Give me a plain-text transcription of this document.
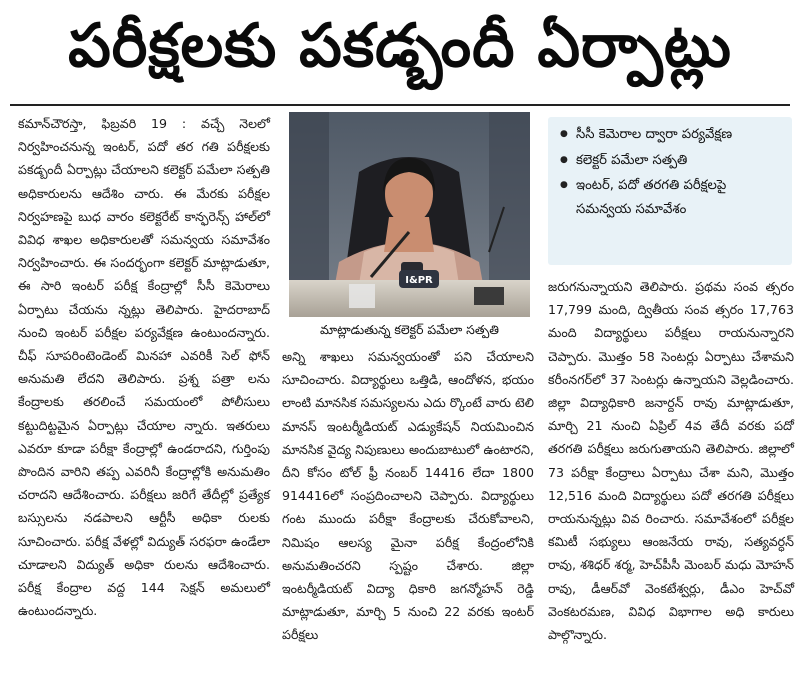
పరీక్షలకు పకడ్బందీ ఏర్పాట్లు

కమాన్‌చౌరస్తా, ఫిబ్రవరి 19 : వచ్చే నెలలో నిర్వహించనున్న ఇంటర్‌, పదో తర గతి పరీక్షలకు పకడ్బందీ ఏర్పాట్లు చేయాలని కలెక్టర్‌ పమేలా సత్పతి అధికారులను ఆదేశిం చారు. ఈ మేరకు పరీక్షల నిర్వహణపై బుధ వారం కలెక్టరేట్‌ కాన్ఫరెన్స్‌ హాల్‌లో వివిధ శాఖల అధికారులతో సమన్వయ సమావేశం నిర్వహించారు. ఈ సందర్భంగా కలెక్టర్‌ మాట్లాడుతూ, ఈ సారి ఇంటర్‌ పరీక్ష కేంద్రాల్లో సీసీ కెమెరాలు ఏర్పాటు చేయను న్నట్లు తెలిపారు. హైదరాబాద్‌ నుంచి ఇంటర్‌ పరీక్షల పర్యవేక్షణ ఉంటుందన్నారు. చీఫ్‌ సూపరింటెండెంట్‌ మినహా ఎవరికీ సెల్‌ ఫోన్‌ అనుమతి లేదని తెలిపారు. ప్రశ్న పత్రా లను కేంద్రాలకు తరలించే సమయంలో పోలీసులు కట్టుదిట్టమైన ఏర్పాట్లు చేయాల న్నారు. ఇతరులు ఎవరూ కూడా పరీక్షా కేంద్రాల్లో ఉండరాదని, గుర్తింపు పొందిన వారిని తప్ప ఎవరినీ కేంద్రాల్లోకి అనుమతిం చరాదని ఆదేశించారు. పరీక్షలు జరిగే తేదీల్లో ప్రత్యేక బస్సులను నడపాలని ఆర్టీసీ అధికా రులకు సూచించారు. పరీక్ష వేళల్లో విద్యుత్‌ సరఫరా ఉండేలా చూడాలని విద్యుత్‌ అధికా రులను ఆదేశించారు. పరీక్ష కేంద్రాల వద్ద 144 సెక్షన్‌ అమలులో ఉంటుందన్నారు.

I&PR
మాట్లాడుతున్న కలెక్టర్‌ పమేలా సత్పతి
● సీసీ కెమెరాల ద్వారా పర్యవేక్షణ
● కలెక్టర్‌ పమేలా సత్పతి
● ఇంటర్‌, పదో తరగతి పరీక్షలపై సమన్వయ సమావేశం

అన్ని శాఖలు సమన్వయంతో పని చేయాలని సూచించారు. విద్యార్థులు ఒత్తిడి, ఆందోళన, భయం లాంటి మానసిక సమస్యలను ఎదు ర్కొంటే వారు టెలి మానస్‌ ఇంటర్మీడియట్‌ ఎడ్యుకేషన్‌ నియమించిన మానసిక వైద్య నిపుణులు అందుబాటులో ఉంటారని, దీని కోసం టోల్‌ ఫ్రీ నంబర్‌ 14416 లేదా 1800 914416లో సంప్రదించాలని చెప్పారు. విద్యార్థులు గంట ముందు పరీక్షా కేంద్రాలకు చేరుకోవాలని, నిమిషం ఆలస్య మైనా పరీక్ష కేంద్రంలోనికి అనుమతించరని స్పష్టం చేశారు. జిల్లా ఇంటర్మీడియట్‌ విద్యా ధికారి జగన్మోహన్‌ రెడ్డి మాట్లాడుతూ, మార్చి 5 నుంచి 22 వరకు ఇంటర్‌ పరీక్షలు

జరుగనున్నాయని తెలిపారు. ప్రథమ సంవ త్సరం 17,799 మంది, ద్వితీయ సంవ త్సరం 17,763 మంది విద్యార్థులు పరీక్షలు రాయనున్నారని చెప్పారు. మొత్తం 58 సెంటర్లు ఏర్పాటు చేశామని కరీంనగర్‌లో 37 సెంటర్లు ఉన్నాయని వెల్లడించారు. జిల్లా విద్యాధికారి జనార్దన్‌ రావు మాట్లాడుతూ, మార్చి 21 నుంచి ఏప్రిల్‌ 4వ తేదీ వరకు పదో తరగతి పరీక్షలు జరుగుతాయని తెలిపారు. జిల్లాలో 73 పరీక్షా కేంద్రాలు ఏర్పాటు చేశా మని, మొత్తం 12,516 మంది విద్యార్థులు పదో తరగతి పరీక్షలు రాయనున్నట్లు వివ రించారు. సమావేశంలో పరీక్షల కమిటీ సభ్యులు ఆంజనేయ రావు, సత్యవర్ధన్‌ రావు, శశిధర్‌ శర్మ, హెచ్‌పీసీ మెంబర్‌ మధు మోహన్‌ రావు, డీఆర్‌వో వెంకటేశ్వర్లు, డీఎం హెచ్‌వో వెంకటరమణ, వివిధ విభాగాల అధి కారులు పాల్గొన్నారు.
